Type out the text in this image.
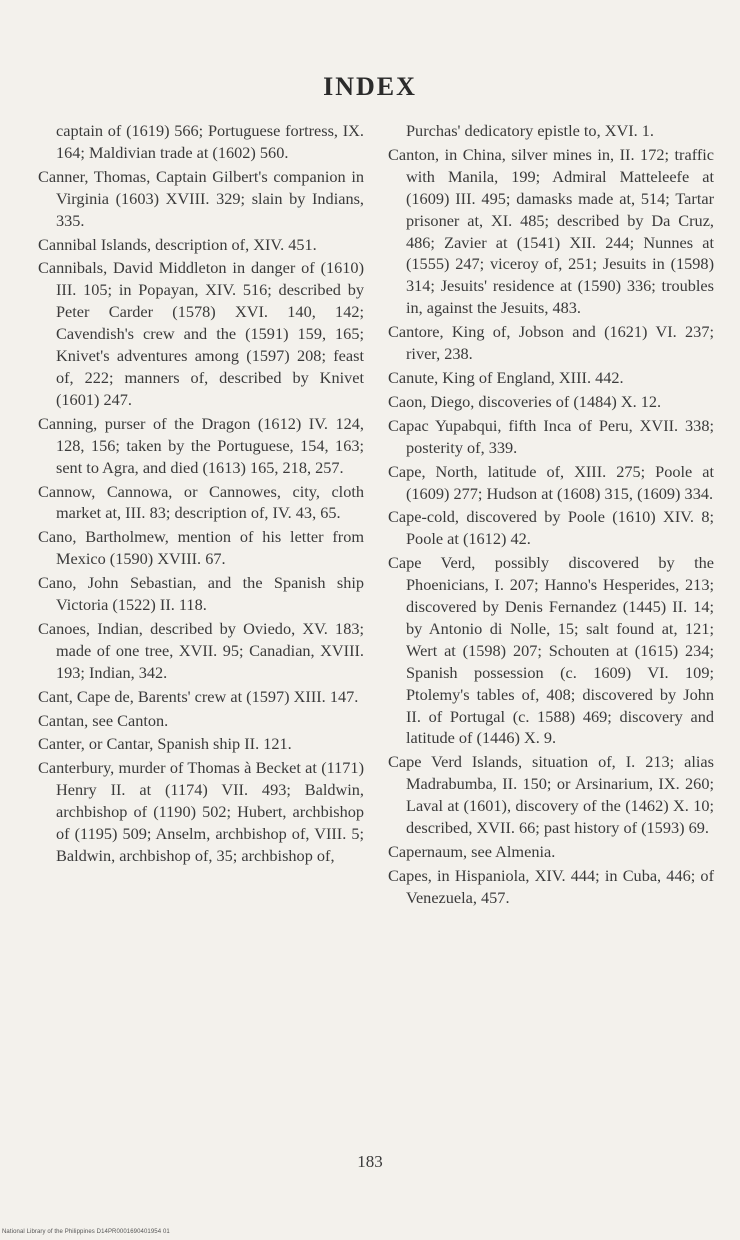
INDEX

captain of (1619) 566; Portuguese fortress, IX. 164; Maldivian trade at (1602) 560.

Canner, Thomas, Captain Gilbert's companion in Virginia (1603) XVIII. 329; slain by Indians, 335.

Cannibal Islands, description of, XIV. 451.

Cannibals, David Middleton in danger of (1610) III. 105; in Popayan, XIV. 516; described by Peter Carder (1578) XVI. 140, 142; Cavendish's crew and the (1591) 159, 165; Knivet's adventures among (1597) 208; feast of, 222; manners of, described by Knivet (1601) 247.

Canning, purser of the Dragon (1612) IV. 124, 128, 156; taken by the Portuguese, 154, 163; sent to Agra, and died (1613) 165, 218, 257.

Cannow, Cannowa, or Cannowes, city, cloth market at, III. 83; description of, IV. 43, 65.

Cano, Bartholmew, mention of his letter from Mexico (1590) XVIII. 67.

Cano, John Sebastian, and the Spanish ship Victoria (1522) II. 118.

Canoes, Indian, described by Oviedo, XV. 183; made of one tree, XVII. 95; Canadian, XVIII. 193; Indian, 342.

Cant, Cape de, Barents' crew at (1597) XIII. 147.

Cantan, see Canton.

Canter, or Cantar, Spanish ship II. 121.

Canterbury, murder of Thomas à Becket at (1171) Henry II. at (1174) VII. 493; Baldwin, archbishop of (1190) 502; Hubert, archbishop of (1195) 509; Anselm, archbishop of, VIII. 5; Baldwin, archbishop of, 35; archbishop of,

Purchas' dedicatory epistle to, XVI. 1.

Canton, in China, silver mines in, II. 172; traffic with Manila, 199; Admiral Matteleefe at (1609) III. 495; damasks made at, 514; Tartar prisoner at, XI. 485; described by Da Cruz, 486; Zavier at (1541) XII. 244; Nunnes at (1555) 247; viceroy of, 251; Jesuits in (1598) 314; Jesuits' residence at (1590) 336; troubles in, against the Jesuits, 483.

Cantore, King of, Jobson and (1621) VI. 237; river, 238.

Canute, King of England, XIII. 442.

Caon, Diego, discoveries of (1484) X. 12.

Capac Yupabqui, fifth Inca of Peru, XVII. 338; posterity of, 339.

Cape, North, latitude of, XIII. 275; Poole at (1609) 277; Hudson at (1608) 315, (1609) 334.

Cape-cold, discovered by Poole (1610) XIV. 8; Poole at (1612) 42.

Cape Verd, possibly discovered by the Phoenicians, I. 207; Hanno's Hesperides, 213; discovered by Denis Fernandez (1445) II. 14; by Antonio di Nolle, 15; salt found at, 121; Wert at (1598) 207; Schouten at (1615) 234; Spanish possession (c. 1609) VI. 109; Ptolemy's tables of, 408; discovered by John II. of Portugal (c. 1588) 469; discovery and latitude of (1446) X. 9.

Cape Verd Islands, situation of, I. 213; alias Madrabumba, II. 150; or Arsinarium, IX. 260; Laval at (1601), discovery of the (1462) X. 10; described, XVII. 66; past history of (1593) 69.

Capernaum, see Almenia.

Capes, in Hispaniola, XIV. 444; in Cuba, 446; of Venezuela, 457.

183
National Library of the Philippines D14PR0001690401954 01
